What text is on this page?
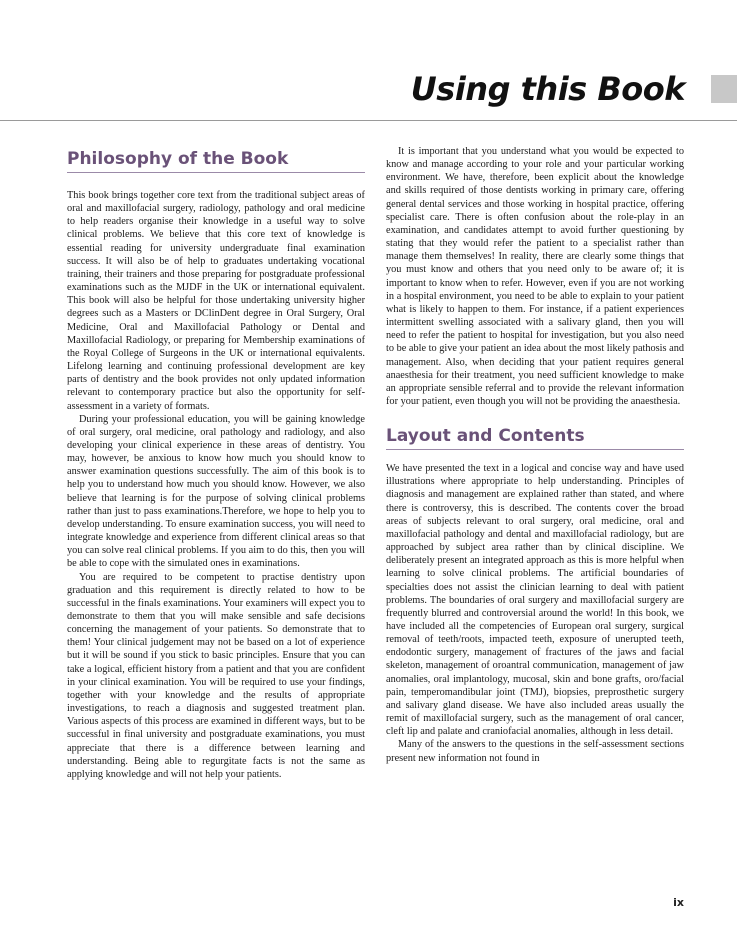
Using this Book
Philosophy of the Book

This book brings together core text from the traditional subject areas of oral and maxillofacial surgery, radiology, pathology and oral medicine to help readers organise their knowledge in a useful way to solve clinical problems. We believe that this core text of knowledge is essential reading for university undergraduate final examination success. It will also be of help to graduates undertaking vocational training, their trainers and those preparing for postgraduate professional examinations such as the MJDF in the UK or international equivalent. This book will also be helpful for those undertaking university higher degrees such as a Masters or DClinDent degree in Oral Surgery, Oral Medicine, Oral and Maxillofacial Pathology or Dental and Maxillofacial Radiology, or preparing for Membership examinations of the Royal College of Surgeons in the UK or international equivalents. Lifelong learning and continuing professional development are key parts of dentistry and the book provides not only updated information relevant to contemporary practice but also the opportunity for self-assessment in a variety of formats.

During your professional education, you will be gaining knowledge of oral surgery, oral medicine, oral pathology and radiology, and also developing your clinical experience in these areas of dentistry. You may, however, be anxious to know how much you should know to answer examination questions successfully. The aim of this book is to help you to understand how much you should know. However, we also believe that learning is for the purpose of solving clinical problems rather than just to pass examinations.Therefore, we hope to help you to develop understanding. To ensure examination success, you will need to integrate knowledge and experience from different clinical areas so that you can solve real clinical problems. If you aim to do this, then you will be able to cope with the simulated ones in examinations.

You are required to be competent to practise dentistry upon graduation and this requirement is directly related to how to be successful in the finals examinations. Your examiners will expect you to demonstrate to them that you will make sensible and safe decisions concerning the management of your patients. So demonstrate that to them! Your clinical judgement may not be based on a lot of experience but it will be sound if you stick to basic principles. Ensure that you can take a logical, efficient history from a patient and that you are confident in your clinical examination. You will be required to use your findings, together with your knowledge and the results of appropriate investigations, to reach a diagnosis and suggested treatment plan. Various aspects of this process are examined in different ways, but to be successful in final university and postgraduate examinations, you must appreciate that there is a difference between learning and understanding. Being able to regurgitate facts is not the same as applying knowledge and will not help your patients.

It is important that you understand what you would be expected to know and manage according to your role and your particular working environment. We have, therefore, been explicit about the knowledge and skills required of those dentists working in primary care, offering general dental services and those working in hospital practice, offering specialist care. There is often confusion about the role-play in an examination, and candidates attempt to avoid further questioning by stating that they would refer the patient to a specialist rather than manage them themselves! In reality, there are clearly some things that you must know and others that you need only to be aware of; it is important to know when to refer. However, even if you are not working in a hospital environment, you need to be able to explain to your patient what is likely to happen to them. For instance, if a patient experiences intermittent swelling associated with a salivary gland, then you will need to refer the patient to hospital for investigation, but you also need to be able to give your patient an idea about the most likely pathosis and management. Also, when deciding that your patient requires general anaesthesia for their treatment, you need sufficient knowledge to make an appropriate sensible referral and to provide the relevant information for your patient, even though you will not be providing the anaesthesia.

Layout and Contents

We have presented the text in a logical and concise way and have used illustrations where appropriate to help understanding. Principles of diagnosis and management are explained rather than stated, and where there is controversy, this is described. The contents cover the broad areas of subjects relevant to oral surgery, oral medicine, oral and maxillofacial pathology and dental and maxillofacial radiology, but are approached by subject area rather than by clinical discipline. We deliberately present an integrated approach as this is more helpful when learning to solve clinical problems. The artificial boundaries of specialties does not assist the clinician learning to deal with patient problems. The boundaries of oral surgery and maxillofacial surgery are frequently blurred and controversial around the world! In this book, we have included all the competencies of European oral surgery, surgical removal of teeth/roots, impacted teeth, exposure of unerupted teeth, endodontic surgery, management of fractures of the jaws and facial skeleton, management of oroantral communication, management of jaw anomalies, oral implantology, mucosal, skin and bone grafts, oro/facial pain, temperomandibular joint (TMJ), biopsies, preprosthetic surgery and salivary gland disease. We have also included areas usually the remit of maxillofacial surgery, such as the management of oral cancer, cleft lip and palate and craniofacial anomalies, although in less detail.

Many of the answers to the questions in the self-assessment sections present new information not found in

ix
